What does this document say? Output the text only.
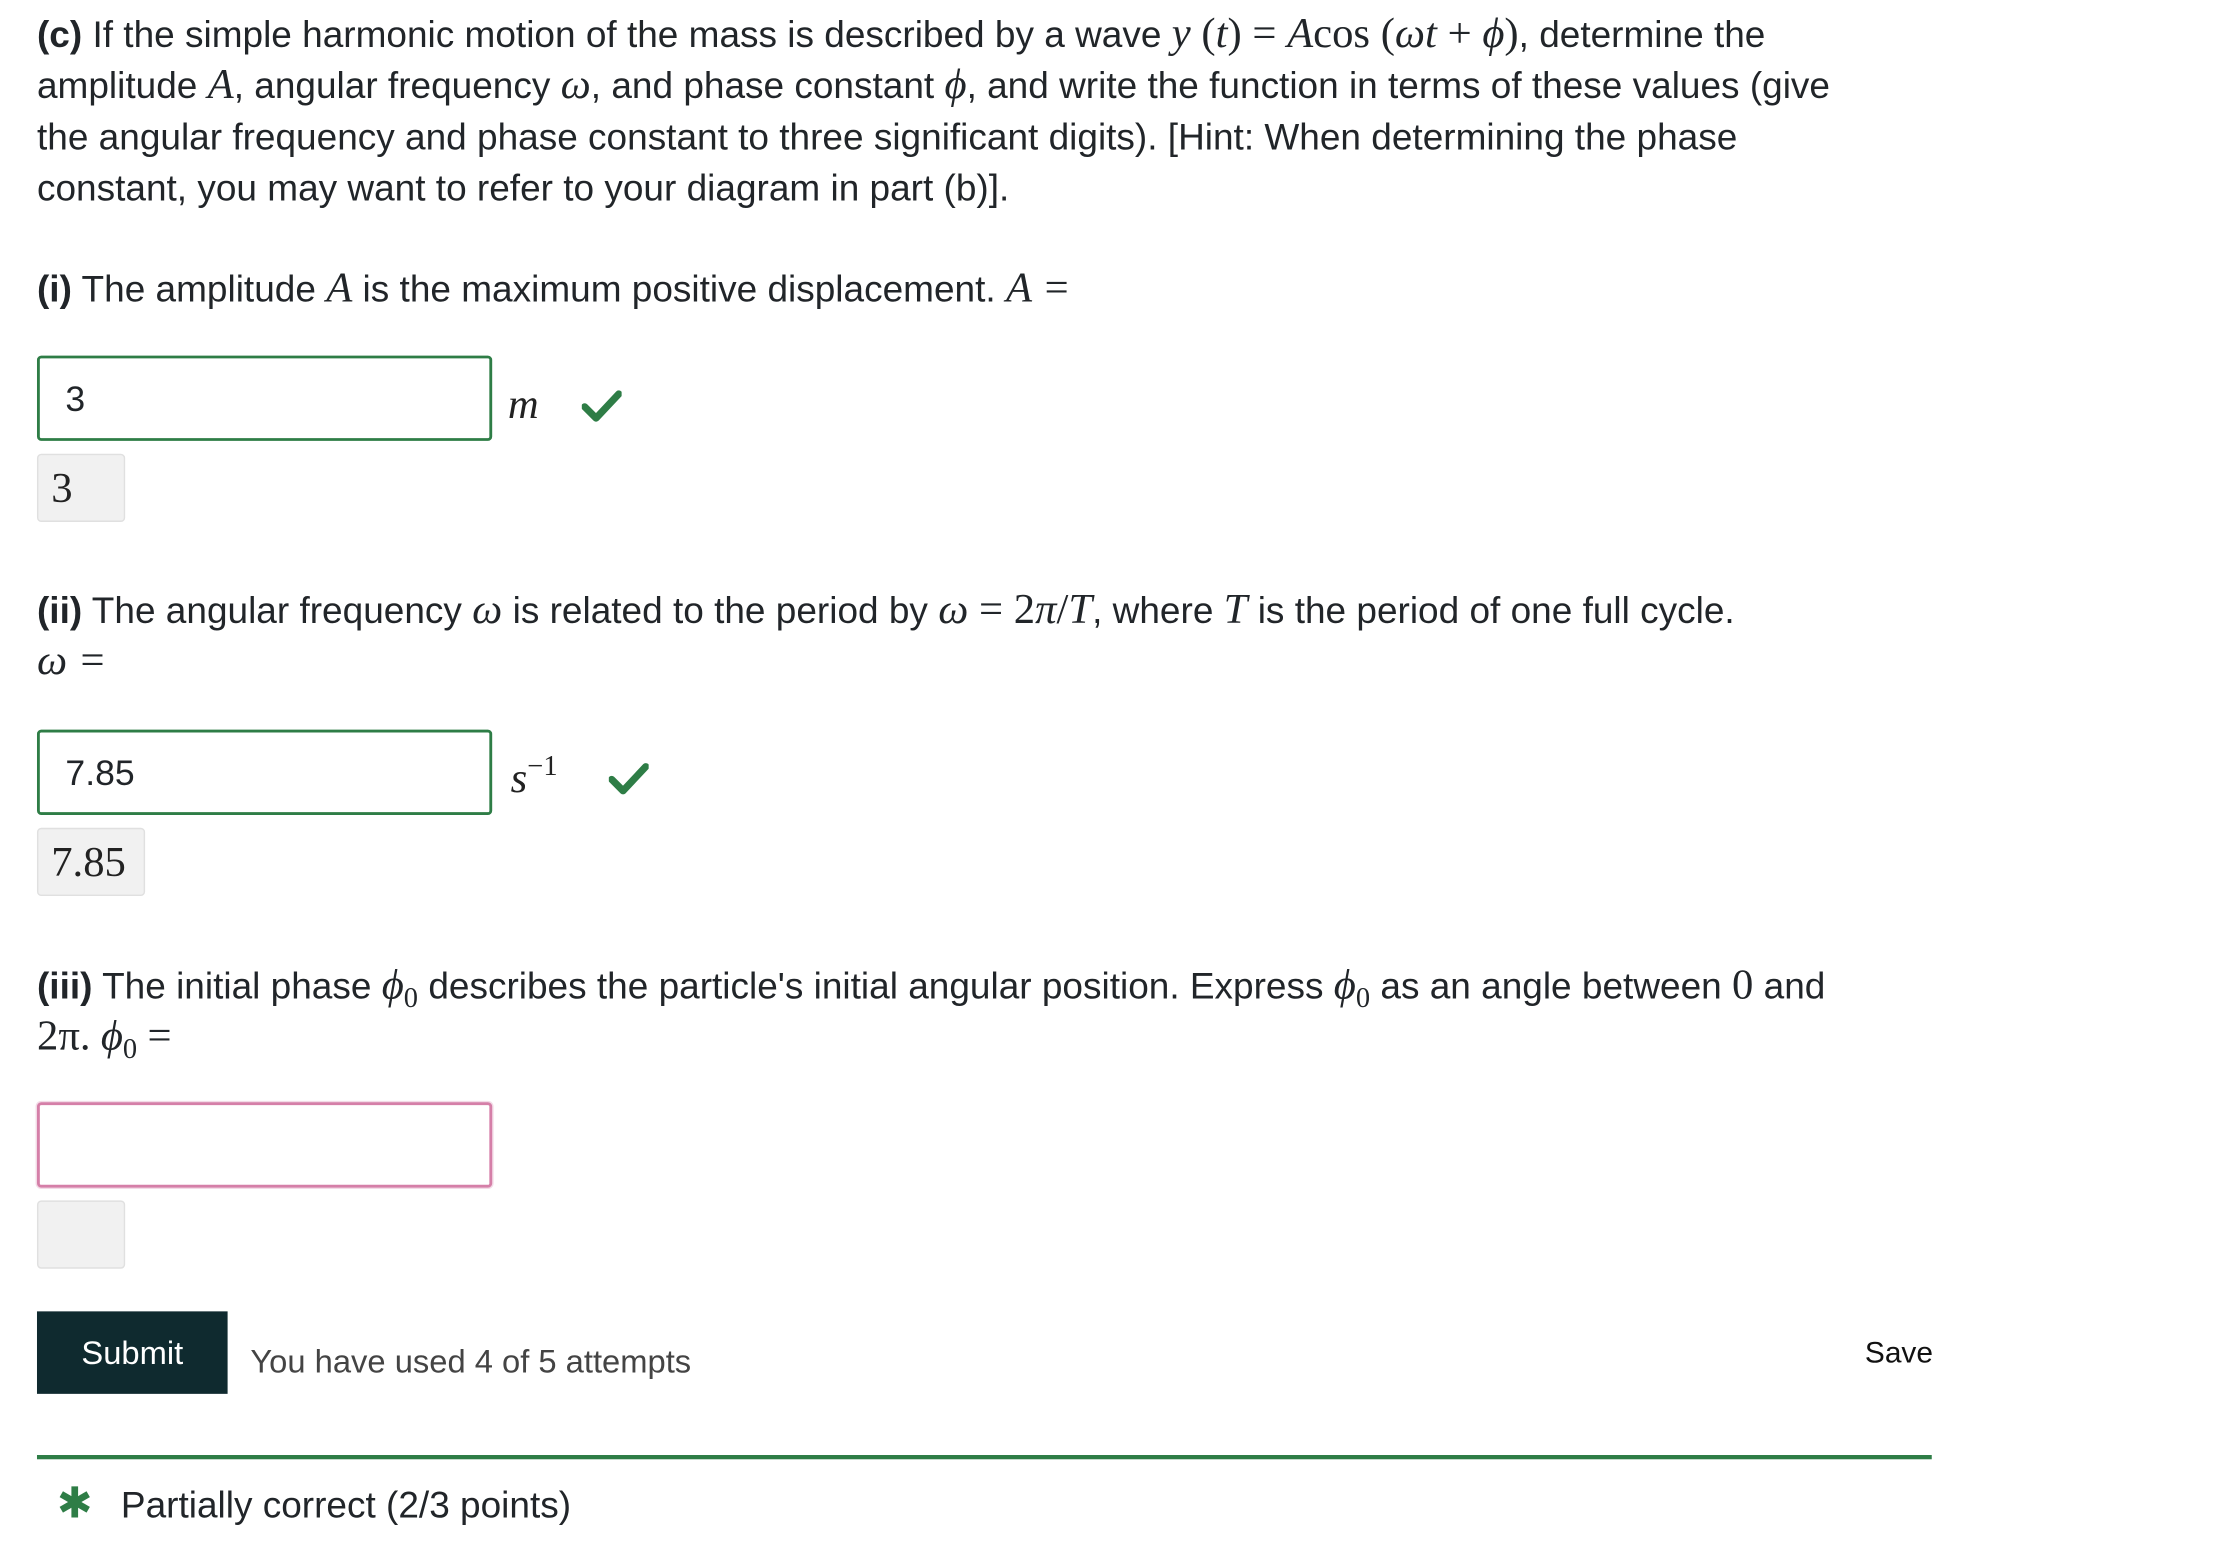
(c) If the simple harmonic motion of the mass is described by a wave y (t) = Acos (ωt + ϕ), determine the
amplitude A, angular frequency ω, and phase constant ϕ, and write the function in terms of these values (give
the angular frequency and phase constant to three significant digits). [Hint: When determining the phase
constant, you may want to refer to your diagram in part (b)].
(i) The amplitude A is the maximum positive displacement. A =
3	m
3
(ii) The angular frequency ω is related to the period by ω = 2π/T, where T is the period of one full cycle.
ω =
7.85	$s^{-1}$
7.85
(iii) The initial phase $\phi_0$ describes the particle's initial angular position. Express $\phi_0$ as an angle between 0 and
2π. $\phi_0$ =
Submit	You have used 4 of 5 attempts	Save
✱ Partially correct (2/3 points)
